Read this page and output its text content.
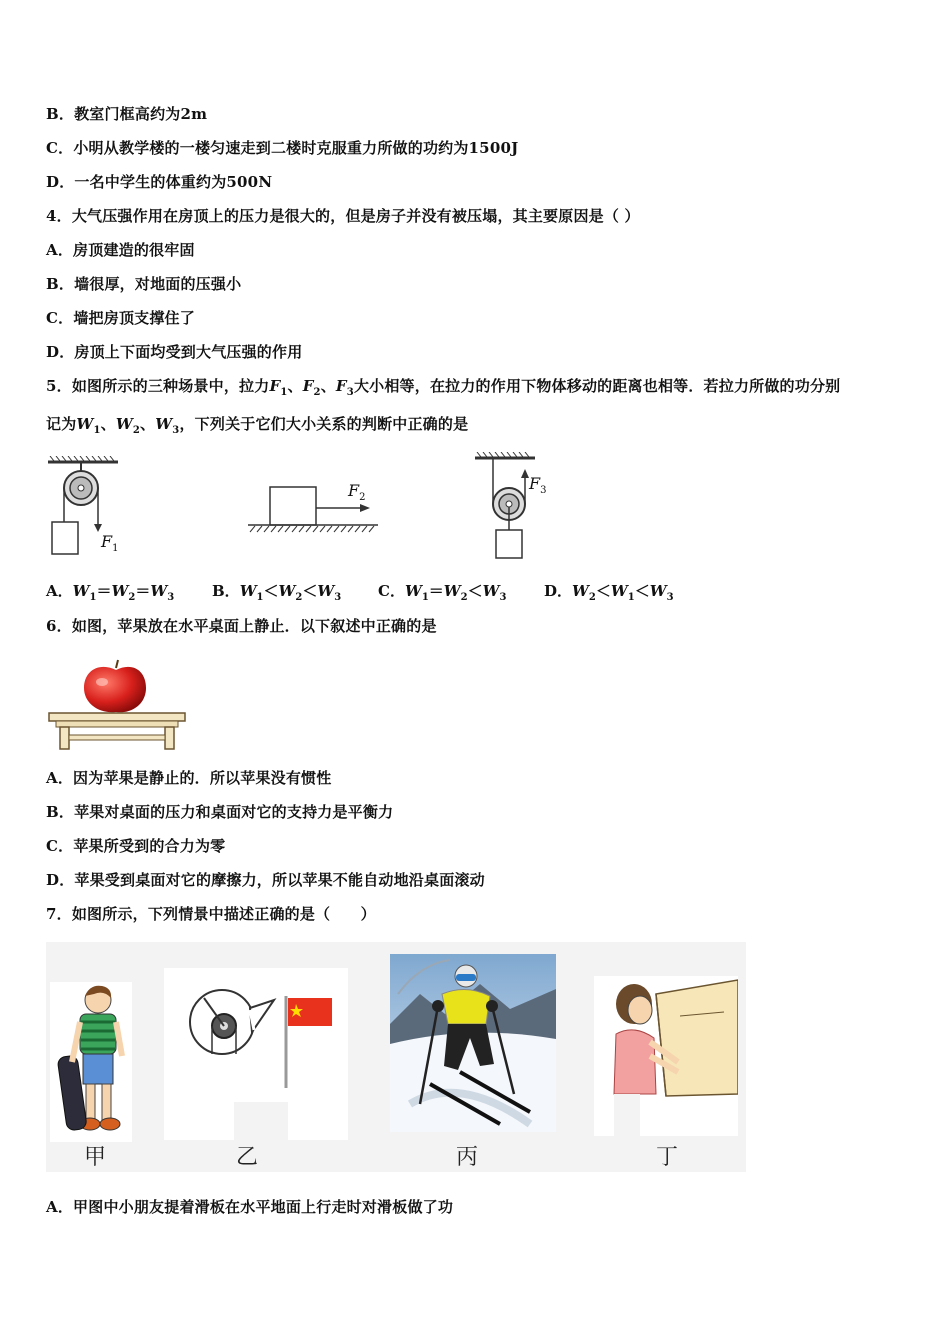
B．教室门框高约为2m
C．小明从教学楼的一楼匀速走到二楼时克服重力所做的功约为1500J
D．一名中学生的体重约为500N
4．大气压强作用在房顶上的压力是很大的，但是房子并没有被压塌，其主要原因是（ ）
A．房顶建造的很牢固
B．墙很厚，对地面的压强小
C．墙把房顶支撑住了
D．房顶上下面均受到大气压强的作用
5．如图所示的三种场景中，拉力$F_1$、$F_2$、$F_3$大小相等，在拉力的作用下物体移动的距离也相等．若拉力所做的功分别
记为$W_1$、$W_2$、$W_3$，下列关于它们大小关系的判断中正确的是
$F_1$
$F_2$
$F_3$
A．$W_1=W_2=W_3$	B．$W_1<W_2<W_3$ C．$W_1=W_2<W_3$	D．$W_2<W_1<W_3$
6．如图，苹果放在水平桌面上静止．以下叙述中正确的是
A．因为苹果是静止的．所以苹果没有惯性
B．苹果对桌面的压力和桌面对它的支持力是平衡力
C．苹果所受到的合力为零
D．苹果受到桌面对它的摩擦力，所以苹果不能自动地沿桌面滚动
7．如图所示，下列情景中描述正确的是（　　）
甲	乙	丙	丁
A．甲图中小朋友提着滑板在水平地面上行走时对滑板做了功
